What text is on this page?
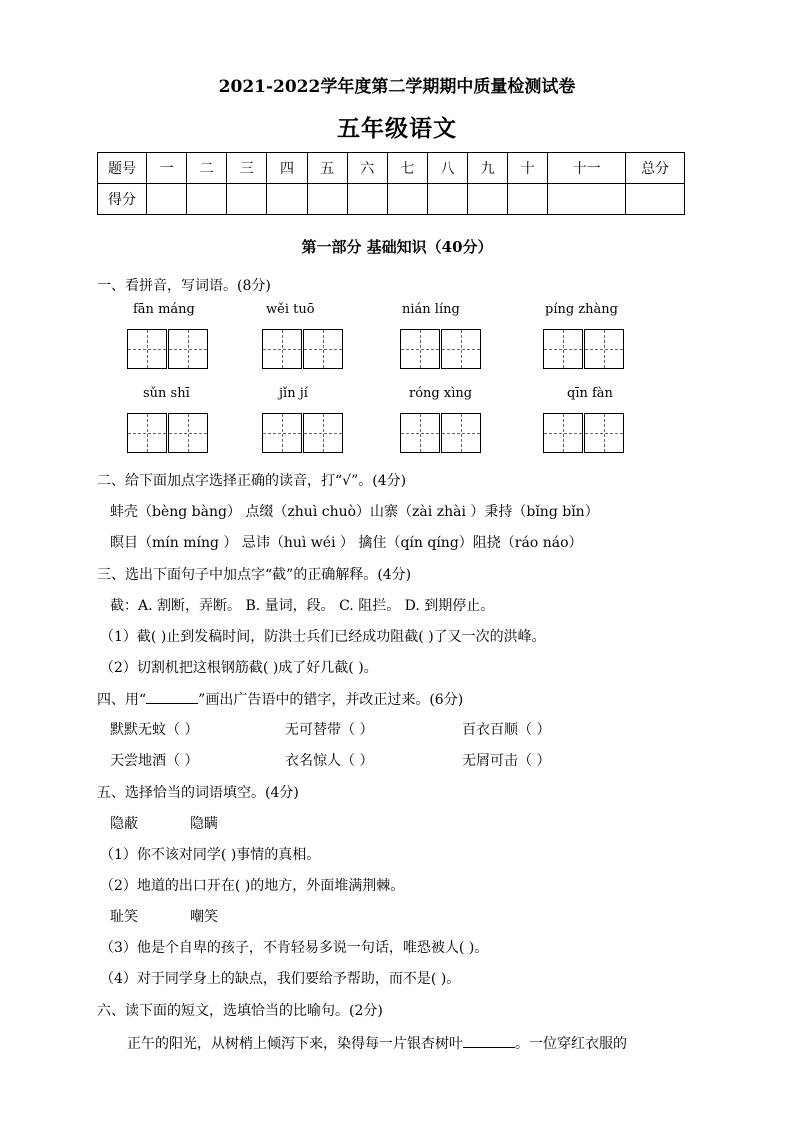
2021-2022学年度第二学期期中质量检测试卷
五年级语文
题号	一	二	三	四	五	六	七	八	九	十	十一	总分
得分												
第一部分 基础知识（40分）
一、看拼音，写词语。(8分)
fān máng	wěi tuō	nián líng	píng zhàng
sǔn shī	jǐn jí	róng xìng	qīn fàn
二、给下面加点字选择正确的读音，打“√”。(4分)
蚌壳（bèng bàng） 点缀（zhuì chuò）山寨（zài zhài ）秉持（bǐng bǐn）
瞑目（mín míng ） 忌讳（huì wéi ） 擒住（qín qíng）阻挠（ráo náo）
三、选出下面句子中加点字“截”的正确解释。(4分)
截：A. 割断，弄断。 B. 量词，段。 C. 阻拦。 D. 到期停止。
（1）截( )止到发稿时间，防洪士兵们已经成功阻截( )了又一次的洪峰。
（2）切割机把这根钢筋截( )成了好几截( )。
四、用“	”画出广告语中的错字，并改正过来。(6分)
默默无蚊（ ）	无可替带（ ）	百衣百顺（ ）
天尝地酒（ ）	衣名惊人（ ）	无屑可击（ ）
五、选择恰当的词语填空。(4分)
隐蔽	隐瞒
（1）你不该对同学( )事情的真相。
（2）地道的出口开在( )的地方，外面堆满荆棘。
耻笑	嘲笑
（3）他是个自卑的孩子，不肯轻易多说一句话，唯恐被人( )。
（4）对于同学身上的缺点，我们要给予帮助，而不是( )。
六、读下面的短文，选填恰当的比喻句。(2分)
正午的阳光，从树梢上倾泻下来，染得每一片银杏树叶	。一位穿红衣服的
